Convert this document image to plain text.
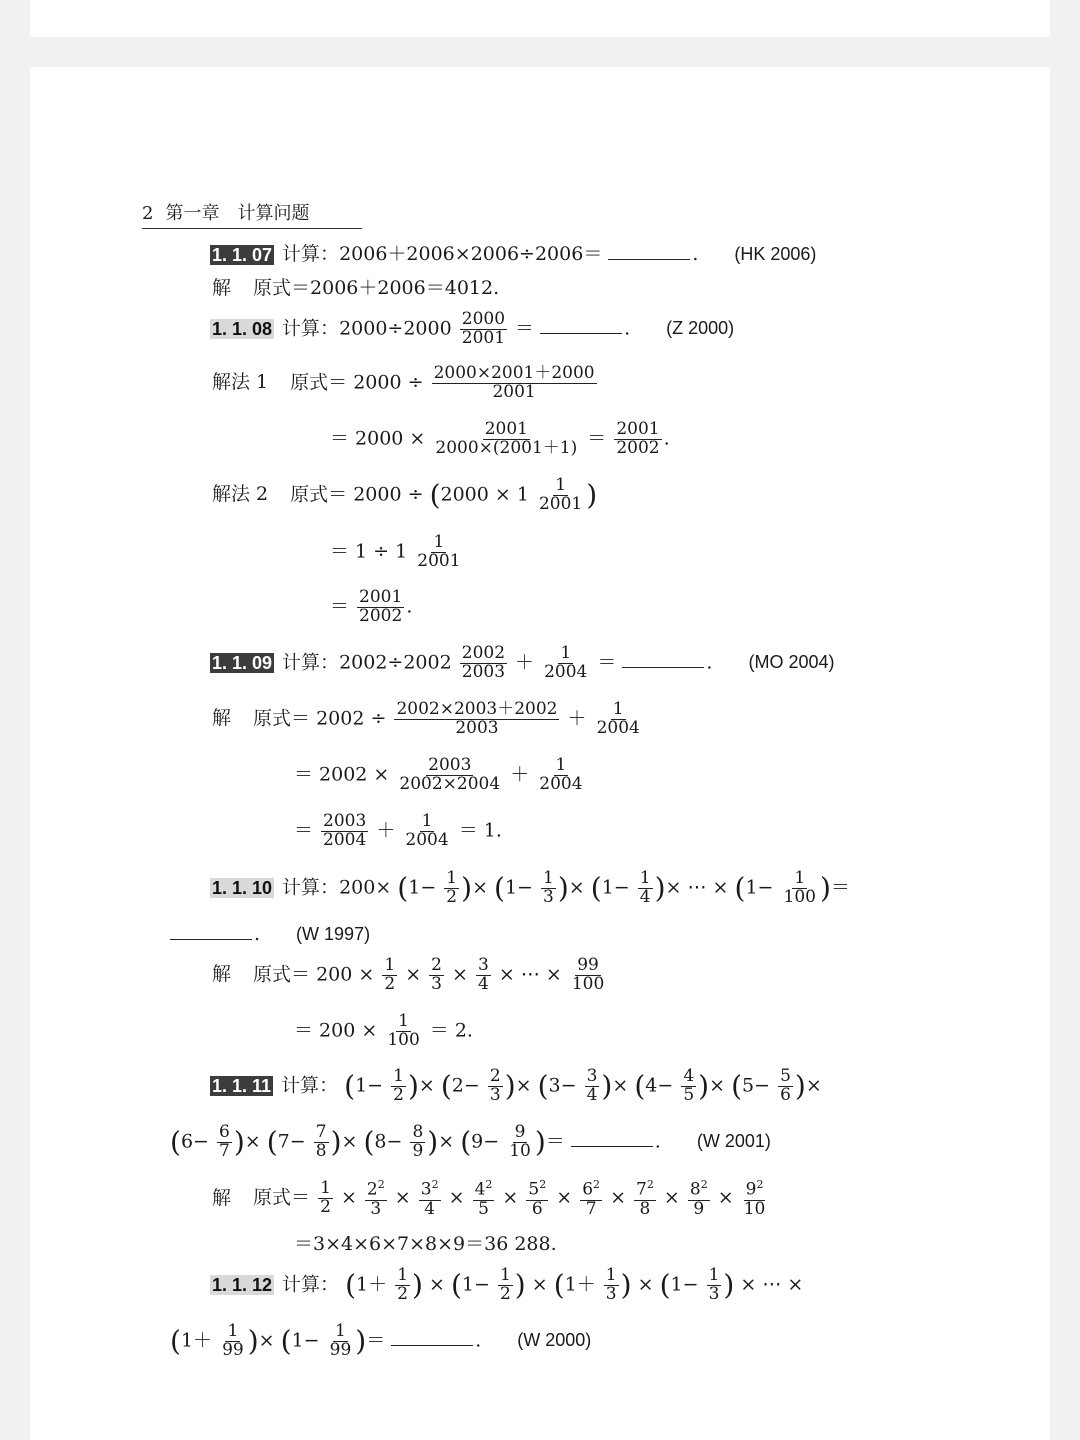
2 第一章 计算问题
1. 1. 07 计算：2006＋2006×2006÷2006＝	. (HK 2006)
解 原式＝2006＋2006＝4012.
1. 1. 08 计算：$2000\div 2000 \frac{2000}{2001}$ ＝	. (Z 2000)
解法 1 原式＝ $2000 \div \frac{2000\times 2001+2000}{2001}$
＝ $2000 \times \frac{2001}{2000\times(2001+1)} = \frac{2001}{2002}$ .
解法 2 原式＝ $2000 \div (2000 \times 1 \frac{1}{2001}$ )
＝ $1 \div 1 \frac{1}{2001}$
＝ $\frac{2001}{2002}$ .
1. 1. 09 计算：$2002\div 2002 \frac{2002}{2003} + \frac{1}{2004}$ ＝	. (MO 2004)
解 原式＝ $2002 \div \frac{2002\times 2003+2002}{2003} + \frac{1}{2004}$
＝ $2002 \times \frac{2003}{2002\times 2004} + \frac{1}{2004}$
＝ $\frac{2003}{2004} + \frac{1}{2004} = 1$.
1. 1. 10 计算：$200\times (1- \frac{1}{2}$ )× ($1- \frac{1}{3}$ )× ($1- \frac{1}{4}$ )× ⋯ × ($1- \frac{1}{100}$ )＝
. (W 1997)
解 原式＝ $200 \times \frac{1}{2} \times \frac{2}{3} \times \frac{3}{4}$ × ⋯ × $\frac{99}{100}$
＝ $200 \times \frac{1}{100} = 2$.
1. 1. 11 计算： ($1- \frac{1}{2}$ )× ($2- \frac{2}{3}$ )× ($3- \frac{3}{4}$ )× ($4- \frac{4}{5}$ )× ($5- \frac{5}{6}$ )×
($6- \frac{6}{7}$ )× ($7- \frac{7}{8}$ )× ($8- \frac{8}{9}$ )× ($9- \frac{9}{10}$ )＝	. (W 2001)
解 原式＝ $\frac{1}{2} \times \frac{2^2}{3} \times \frac{3^2}{4} \times \frac{4^2}{5} \times \frac{5^2}{6} \times \frac{6^2}{7} \times \frac{7^2}{8} \times \frac{8^2}{9} \times \frac{9^2}{10}$
＝3×4×6×7×8×9＝36 288.
1. 1. 12 计算： ($1+ \frac{1}{2}$ ) × ($1- \frac{1}{2}$ ) × ($1+ \frac{1}{3}$ ) × ($1- \frac{1}{3}$ ) × ⋯ ×
($1+ \frac{1}{99}$ )× ($1- \frac{1}{99}$ )＝	. (W 2000)
